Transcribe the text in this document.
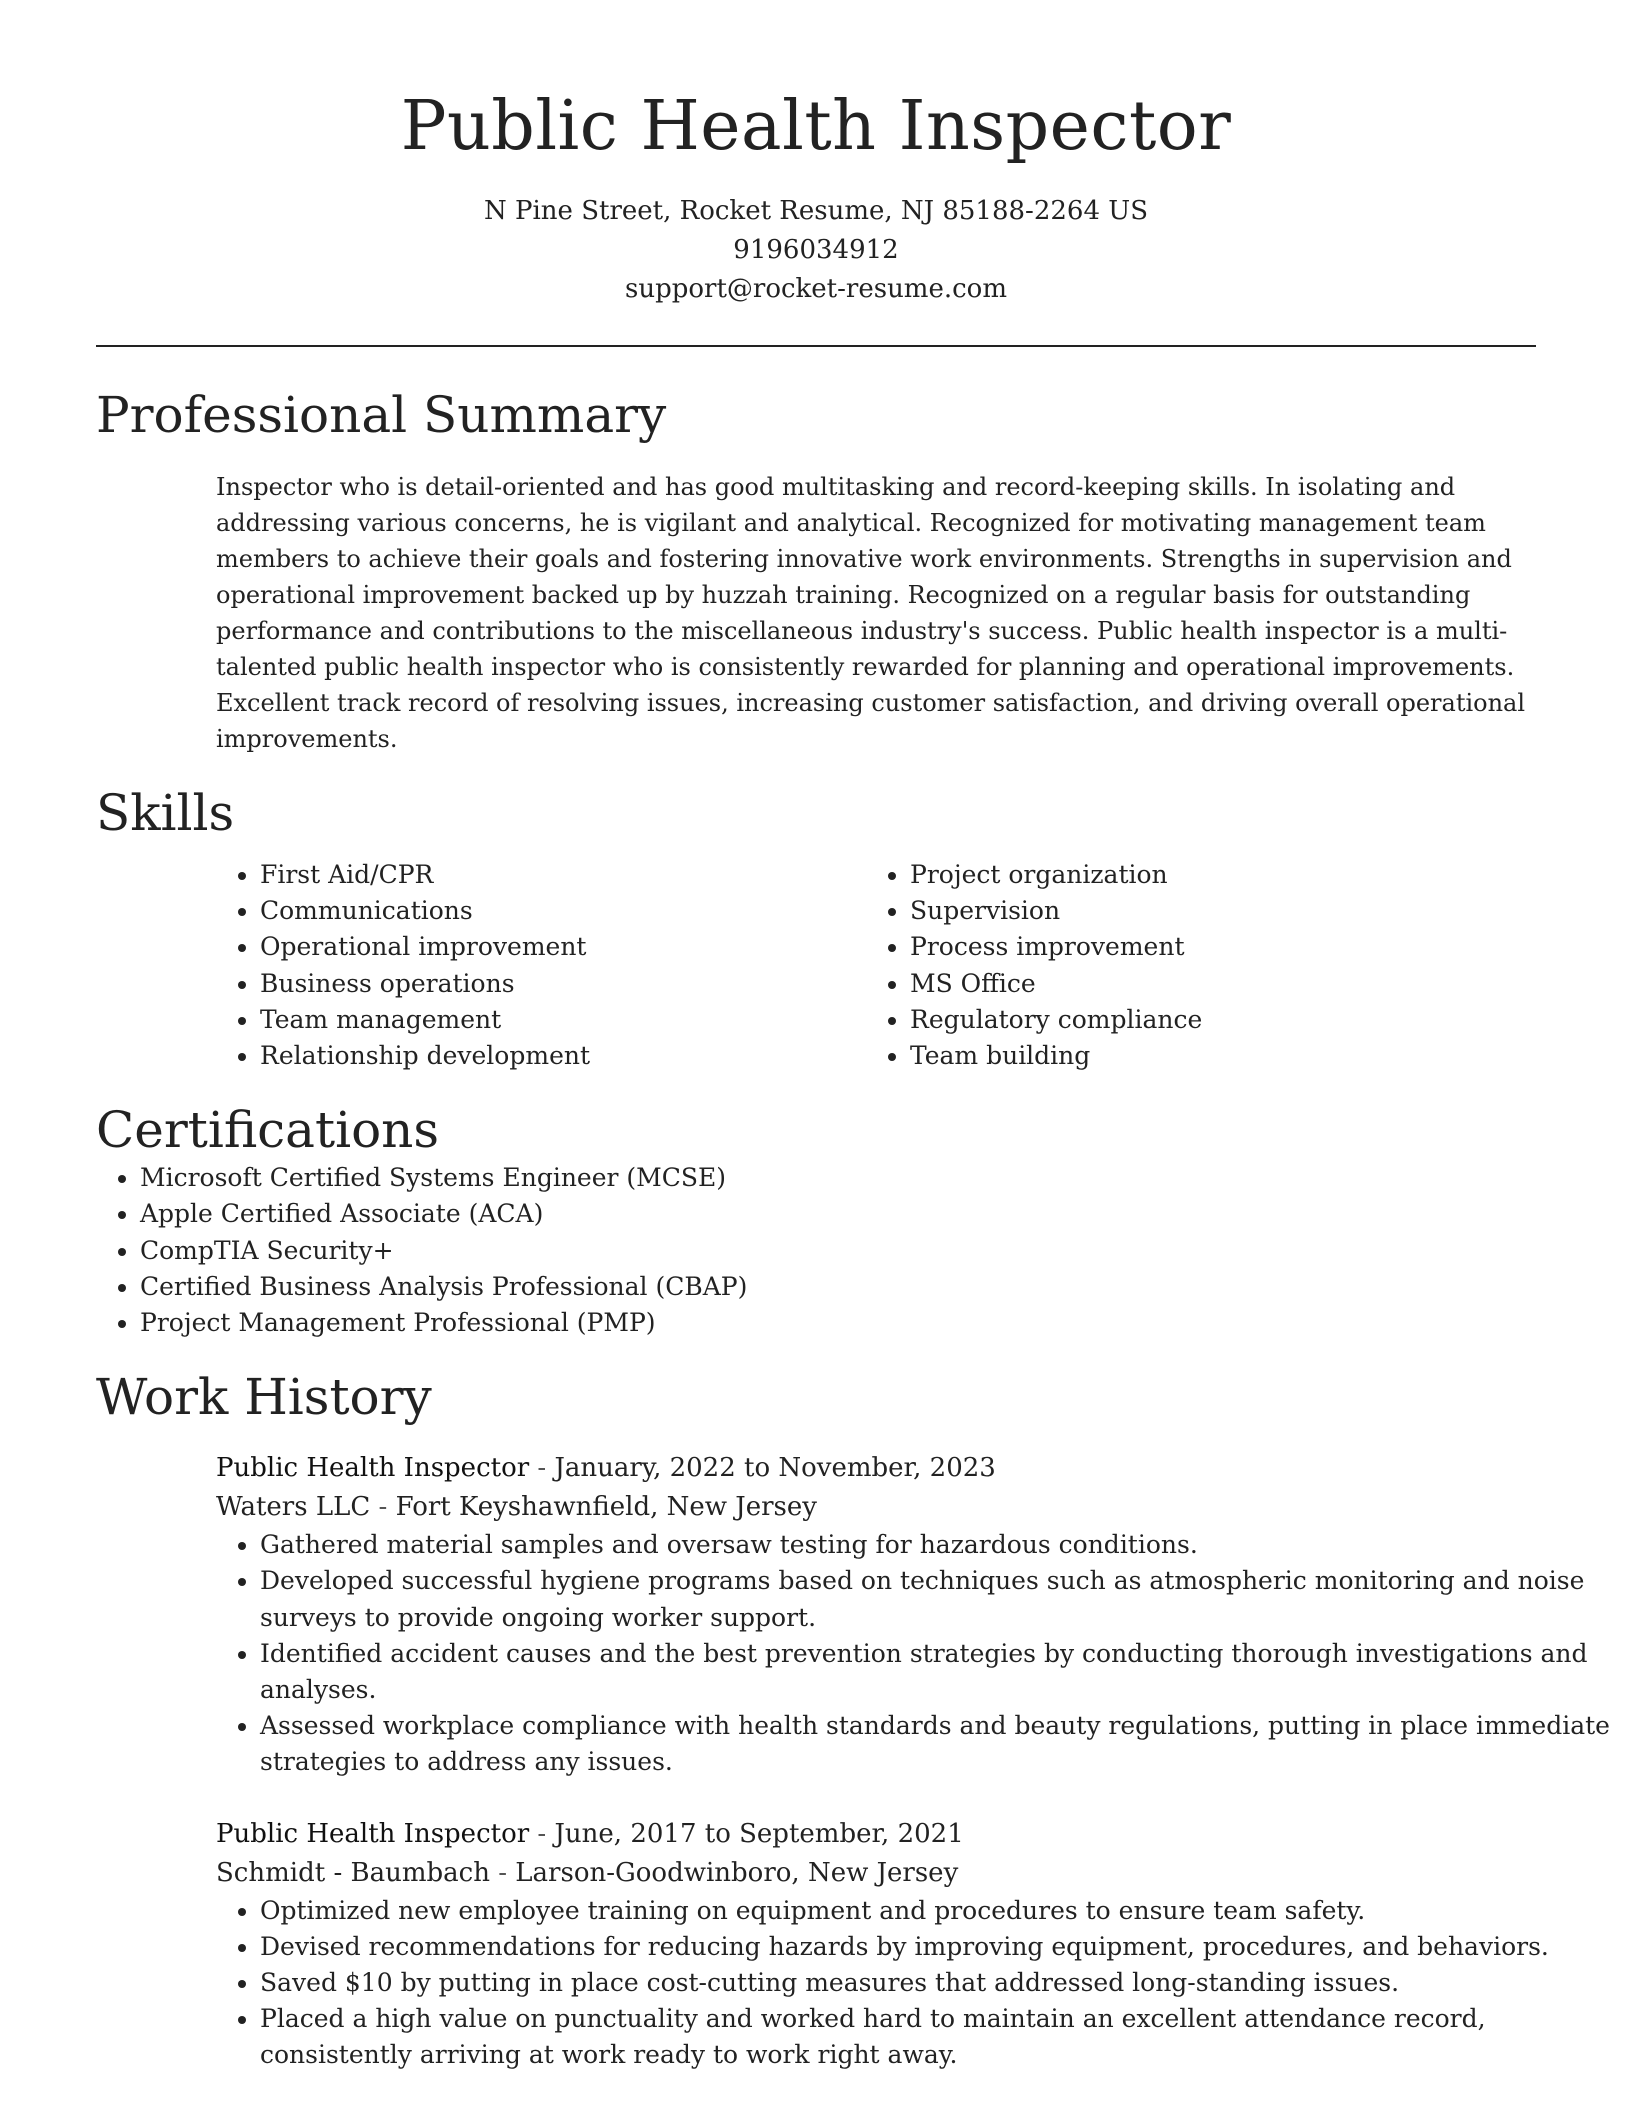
Public Health Inspector
N Pine Street, Rocket Resume, NJ 85188-2264 US
9196034912
support@rocket-resume.com
Professional Summary

Inspector who is detail-oriented and has good multitasking and record-keeping skills. In isolating and addressing various concerns, he is vigilant and analytical. Recognized for motivating management team members to achieve their goals and fostering innovative work environments. Strengths in supervision and operational improvement backed up by huzzah training. Recognized on a regular basis for outstanding performance and contributions to the miscellaneous industry's success. Public health inspector is a multi-talented public health inspector who is consistently rewarded for planning and operational improvements. Excellent track record of resolving issues, increasing customer satisfaction, and driving overall operational improvements.

Skills
• First Aid/CPR
• Communications
• Operational improvement
• Business operations
• Team management
• Relationship development
• Project organization
• Supervision
• Process improvement
• MS Office
• Regulatory compliance
• Team building
Certifications
• Microsoft Certified Systems Engineer (MCSE)
• Apple Certified Associate (ACA)
• CompTIA Security+
• Certified Business Analysis Professional (CBAP)
• Project Management Professional (PMP)
Work History
Public Health Inspector - January, 2022 to November, 2023
Waters LLC - Fort Keyshawnfield, New Jersey
• Gathered material samples and oversaw testing for hazardous conditions.
• Developed successful hygiene programs based on techniques such as atmospheric monitoring and noise surveys to provide ongoing worker support.
• Identified accident causes and the best prevention strategies by conducting thorough investigations and analyses.
• Assessed workplace compliance with health standards and beauty regulations, putting in place immediate strategies to address any issues.
Public Health Inspector - June, 2017 to September, 2021
Schmidt - Baumbach - Larson-Goodwinboro, New Jersey
• Optimized new employee training on equipment and procedures to ensure team safety.
• Devised recommendations for reducing hazards by improving equipment, procedures, and behaviors.
• Saved $10 by putting in place cost-cutting measures that addressed long-standing issues.
• Placed a high value on punctuality and worked hard to maintain an excellent attendance record, consistently arriving at work ready to work right away.
